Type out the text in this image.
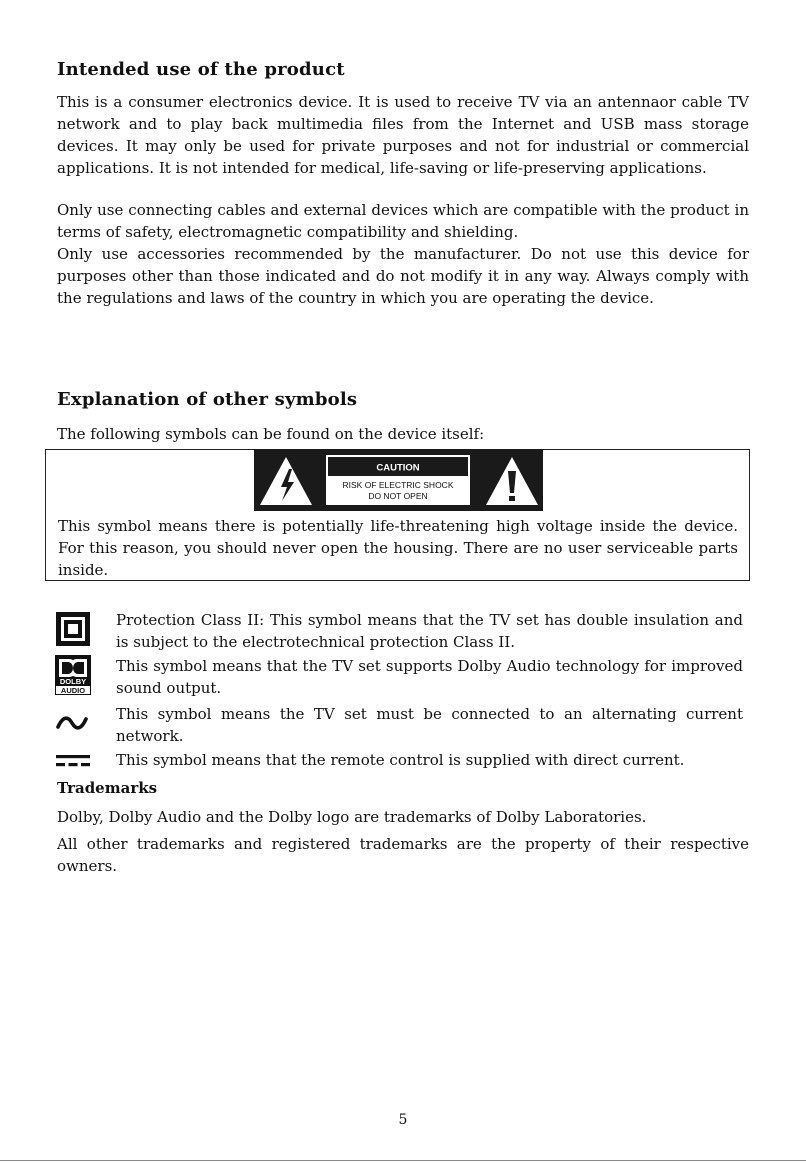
Intended use of the product

This is a consumer electronics device. It is used to receive TV via an antennaor cable TV network and to play back multimedia files from the Internet and USB mass storage devices. It may only be used for private purposes and not for industrial or commercial applications. It is not intended for medical, life-saving or life-preserving applications.

Only use connecting cables and external devices which are compatible with the product in terms of safety, electromagnetic compatibility and shielding.

Only use accessories recommended by the manufacturer. Do not use this device for purposes other than those indicated and do not modify it in any way. Always comply with the regulations and laws of the country in which you are operating the device.

Explanation of other symbols

The following symbols can be found on the device itself:

This symbol means there is potentially life-threatening high voltage inside the device. For this reason, you should never open the housing. There are no user serviceable parts inside.

CAUTION
RISK OF ELECTRIC SHOCK
DO NOT OPEN

Protection Class II: This symbol means that the TV set has double insulation and is subject to the electrotechnical protection Class II.

DOLBY
AUDIO

This symbol means that the TV set supports Dolby Audio technology for improved sound output.

This symbol means the TV set must be connected to an alternating current network.

This symbol means that the remote control is supplied with direct current.

Trademarks

Dolby, Dolby Audio and the Dolby logo are trademarks of Dolby Laboratories.

All other trademarks and registered trademarks are the property of their respective owners.

5
